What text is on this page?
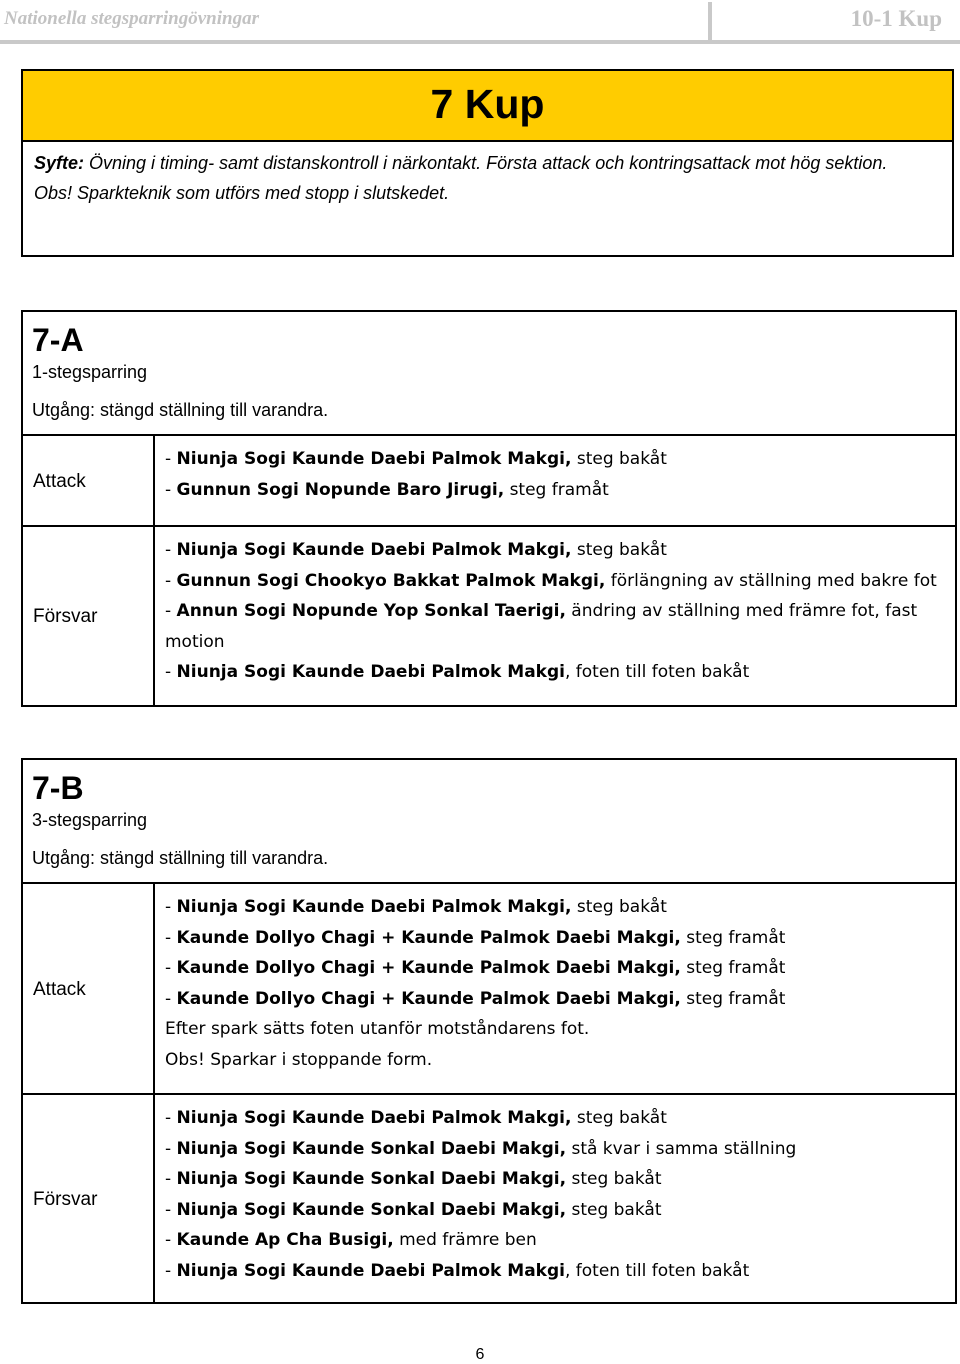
Nationella stegsparringövningar	10-1 Kup
7 Kup
Syfte: Övning i timing- samt distanskontroll i närkontakt. Första attack och kontringsattack mot hög sektion.
Obs! Sparkteknik som utförs med stopp i slutskedet.
7-A
1-stegsparring
Utgång: stängd ställning till varandra.
Attack
- Niunja Sogi Kaunde Daebi Palmok Makgi, steg bakåt
- Gunnun Sogi Nopunde Baro Jirugi, steg framåt
Försvar
- Niunja Sogi Kaunde Daebi Palmok Makgi, steg bakåt
- Gunnun Sogi Chookyo Bakkat Palmok Makgi, förlängning av ställning med bakre fot
- Annun Sogi Nopunde Yop Sonkal Taerigi, ändring av ställning med främre fot, fast motion
- Niunja Sogi Kaunde Daebi Palmok Makgi, foten till foten bakåt
7-B
3-stegsparring
Utgång: stängd ställning till varandra.
Attack
- Niunja Sogi Kaunde Daebi Palmok Makgi, steg bakåt
- Kaunde Dollyo Chagi + Kaunde Palmok Daebi Makgi, steg framåt
- Kaunde Dollyo Chagi + Kaunde Palmok Daebi Makgi, steg framåt
- Kaunde Dollyo Chagi + Kaunde Palmok Daebi Makgi, steg framåt
Efter spark sätts foten utanför motståndarens fot.
Obs! Sparkar i stoppande form.
Försvar
- Niunja Sogi Kaunde Daebi Palmok Makgi, steg bakåt
- Niunja Sogi Kaunde Sonkal Daebi Makgi, stå kvar i samma ställning
- Niunja Sogi Kaunde Sonkal Daebi Makgi, steg bakåt
- Niunja Sogi Kaunde Sonkal Daebi Makgi, steg bakåt
- Kaunde Ap Cha Busigi, med främre ben
- Niunja Sogi Kaunde Daebi Palmok Makgi, foten till foten bakåt
6
